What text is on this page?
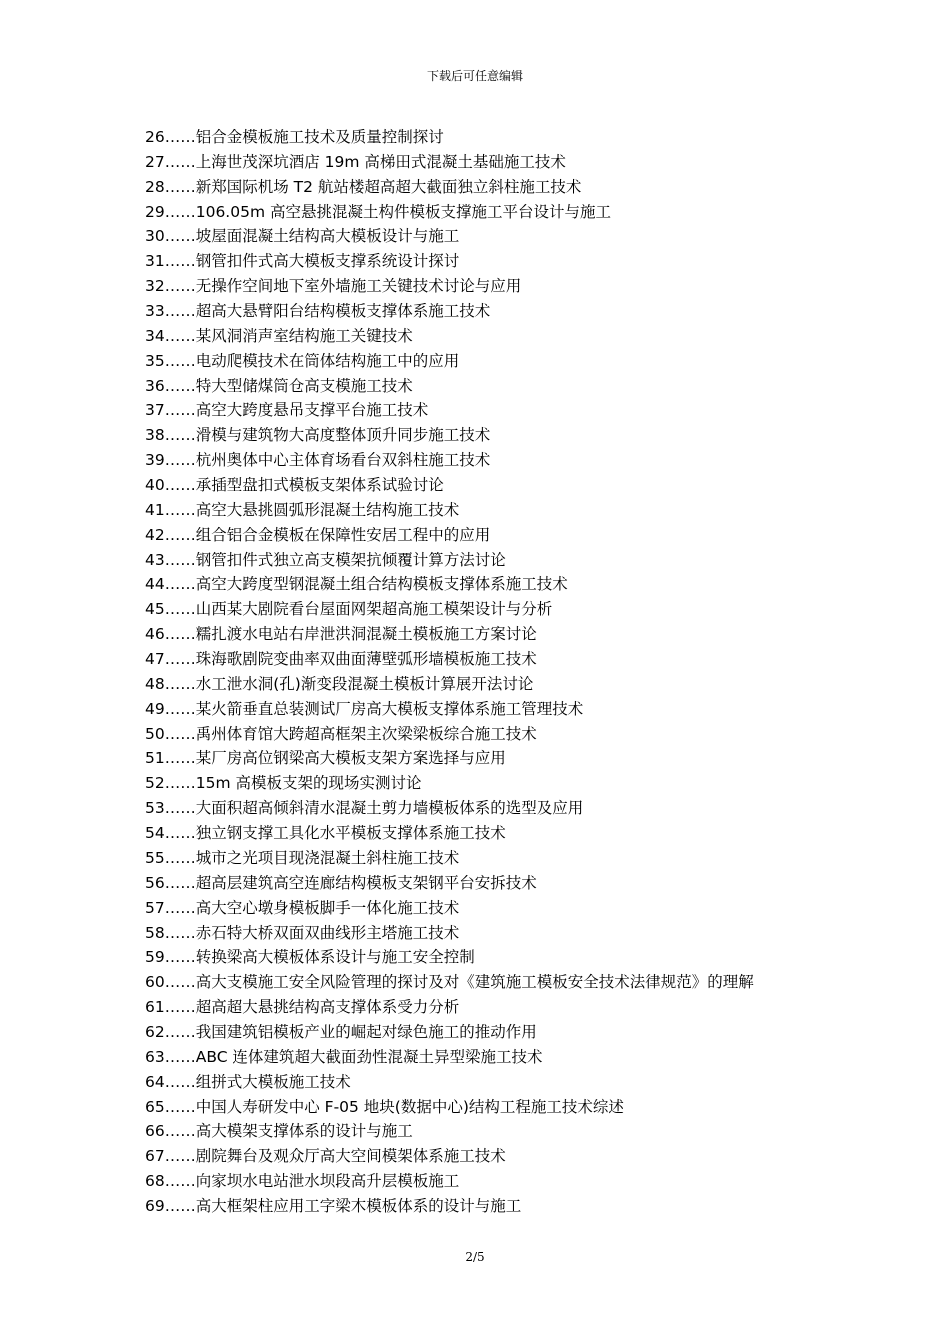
下载后可任意编辑
26……铝合金模板施工技术及质量控制探讨
27……上海世茂深坑酒店 19m 高梯田式混凝土基础施工技术
28……新郑国际机场 T2 航站楼超高超大截面独立斜柱施工技术
29……106.05m 高空悬挑混凝土构件模板支撑施工平台设计与施工
30……坡屋面混凝土结构高大模板设计与施工
31……钢管扣件式高大模板支撑系统设计探讨
32……无操作空间地下室外墙施工关键技术讨论与应用
33……超高大悬臂阳台结构模板支撑体系施工技术
34……某风洞消声室结构施工关键技术
35……电动爬模技术在筒体结构施工中的应用
36……特大型储煤筒仓高支模施工技术
37……高空大跨度悬吊支撑平台施工技术
38……滑模与建筑物大高度整体顶升同步施工技术
39……杭州奥体中心主体育场看台双斜柱施工技术
40……承插型盘扣式模板支架体系试验讨论
41……高空大悬挑圆弧形混凝土结构施工技术
42……组合铝合金模板在保障性安居工程中的应用
43……钢管扣件式独立高支模架抗倾覆计算方法讨论
44……高空大跨度型钢混凝土组合结构模板支撑体系施工技术
45……山西某大剧院看台屋面网架超高施工模架设计与分析
46……糯扎渡水电站右岸泄洪洞混凝土模板施工方案讨论
47……珠海歌剧院变曲率双曲面薄壁弧形墙模板施工技术
48……水工泄水洞(孔)渐变段混凝土模板计算展开法讨论
49……某火箭垂直总装测试厂房高大模板支撑体系施工管理技术
50……禹州体育馆大跨超高框架主次梁梁板综合施工技术
51……某厂房高位钢梁高大模板支架方案选择与应用
52……15m 高模板支架的现场实测讨论
53……大面积超高倾斜清水混凝土剪力墙模板体系的选型及应用
54……独立钢支撑工具化水平模板支撑体系施工技术
55……城市之光项目现浇混凝土斜柱施工技术
56……超高层建筑高空连廊结构模板支架钢平台安拆技术
57……高大空心墩身模板脚手一体化施工技术
58……赤石特大桥双面双曲线形主塔施工技术
59……转换梁高大模板体系设计与施工安全控制
60……高大支模施工安全风险管理的探讨及对《建筑施工模板安全技术法律规范》的理解
61……超高超大悬挑结构高支撑体系受力分析
62……我国建筑铝模板产业的崛起对绿色施工的推动作用
63……ABC 连体建筑超大截面劲性混凝土异型梁施工技术
64……组拼式大模板施工技术
65……中国人寿研发中心 F-05 地块(数据中心)结构工程施工技术综述
66……高大模架支撑体系的设计与施工
67……剧院舞台及观众厅高大空间模架体系施工技术
68……向家坝水电站泄水坝段高升层模板施工
69……高大框架柱应用工字梁木模板体系的设计与施工
2/5
